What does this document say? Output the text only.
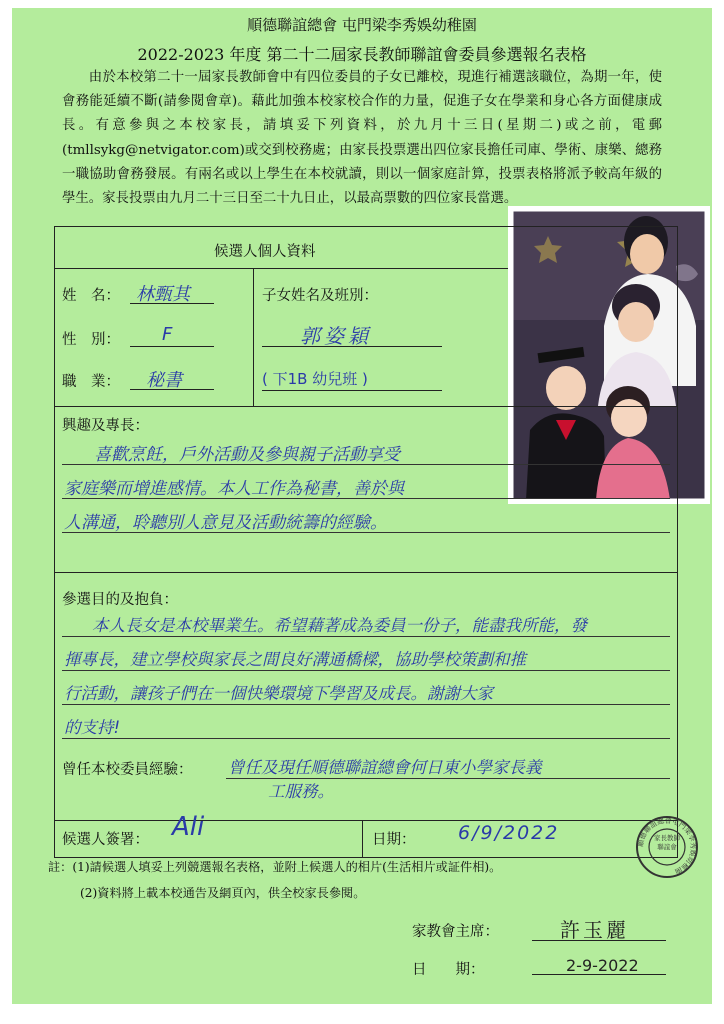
順德聯誼總會 屯門梁李秀娛幼稚園
2022-2023 年度 第二十二屆家長教師聯誼會委員參選報名表格
由於本校第二十一屆家長教師會中有四位委員的子女已離校，現進行補選該職位，為期一年，使會務能延續不斷(請參閱會章)。藉此加強本校家校合作的力量，促進子女在學業和身心各方面健康成長。有意參與之本校家長，請填妥下列資料，於九月十三日(星期二)或之前，電郵(tmllsykg@netvigator.com)或交到校務處；由家長投票選出四位家長擔任司庫、學術、康樂、總務一職協助會務發展。有兩名或以上學生在本校就讀，則以一個家庭計算，投票表格將派予較高年級的學生。家長投票由九月二十三日至二十九日止，以最高票數的四位家長當選。
候選人個人資料
姓　名： 林甄其
性　別： F
職　業： 秘書
子女姓名及班別：
郭姿穎
( 下1B 幼兒班 )
興趣及專長：
喜歡烹飪，戶外活動及參與親子活動享受
家庭樂而增進感情。本人工作為秘書，善於與
人溝通，聆聽別人意見及活動統籌的經驗。
參選目的及抱負：
本人長女是本校畢業生。希望藉著成為委員一份子，能盡我所能，發
揮專長，建立學校與家長之間良好溝通橋樑，協助學校策劃和推
行活動，讓孩子們在一個快樂環境下學習及成長。謝謝大家
的支持!
曾任本校委員經驗： 曾任及現任順德聯誼總會何日東小學家長義
工服務。
候選人簽署： Ali	日期： 6/9/2022	順德聯誼總會屯門梁李秀娛幼稚園
家長教師聯誼會
註：(1)請候選人填妥上列競選報名表格，並附上候選人的相片(生活相片或証件相)。
(2)資料將上載本校通告及網頁內，供全校家長參閱。
家教會主席：	許玉麗
日　　期：	2-9-2022
